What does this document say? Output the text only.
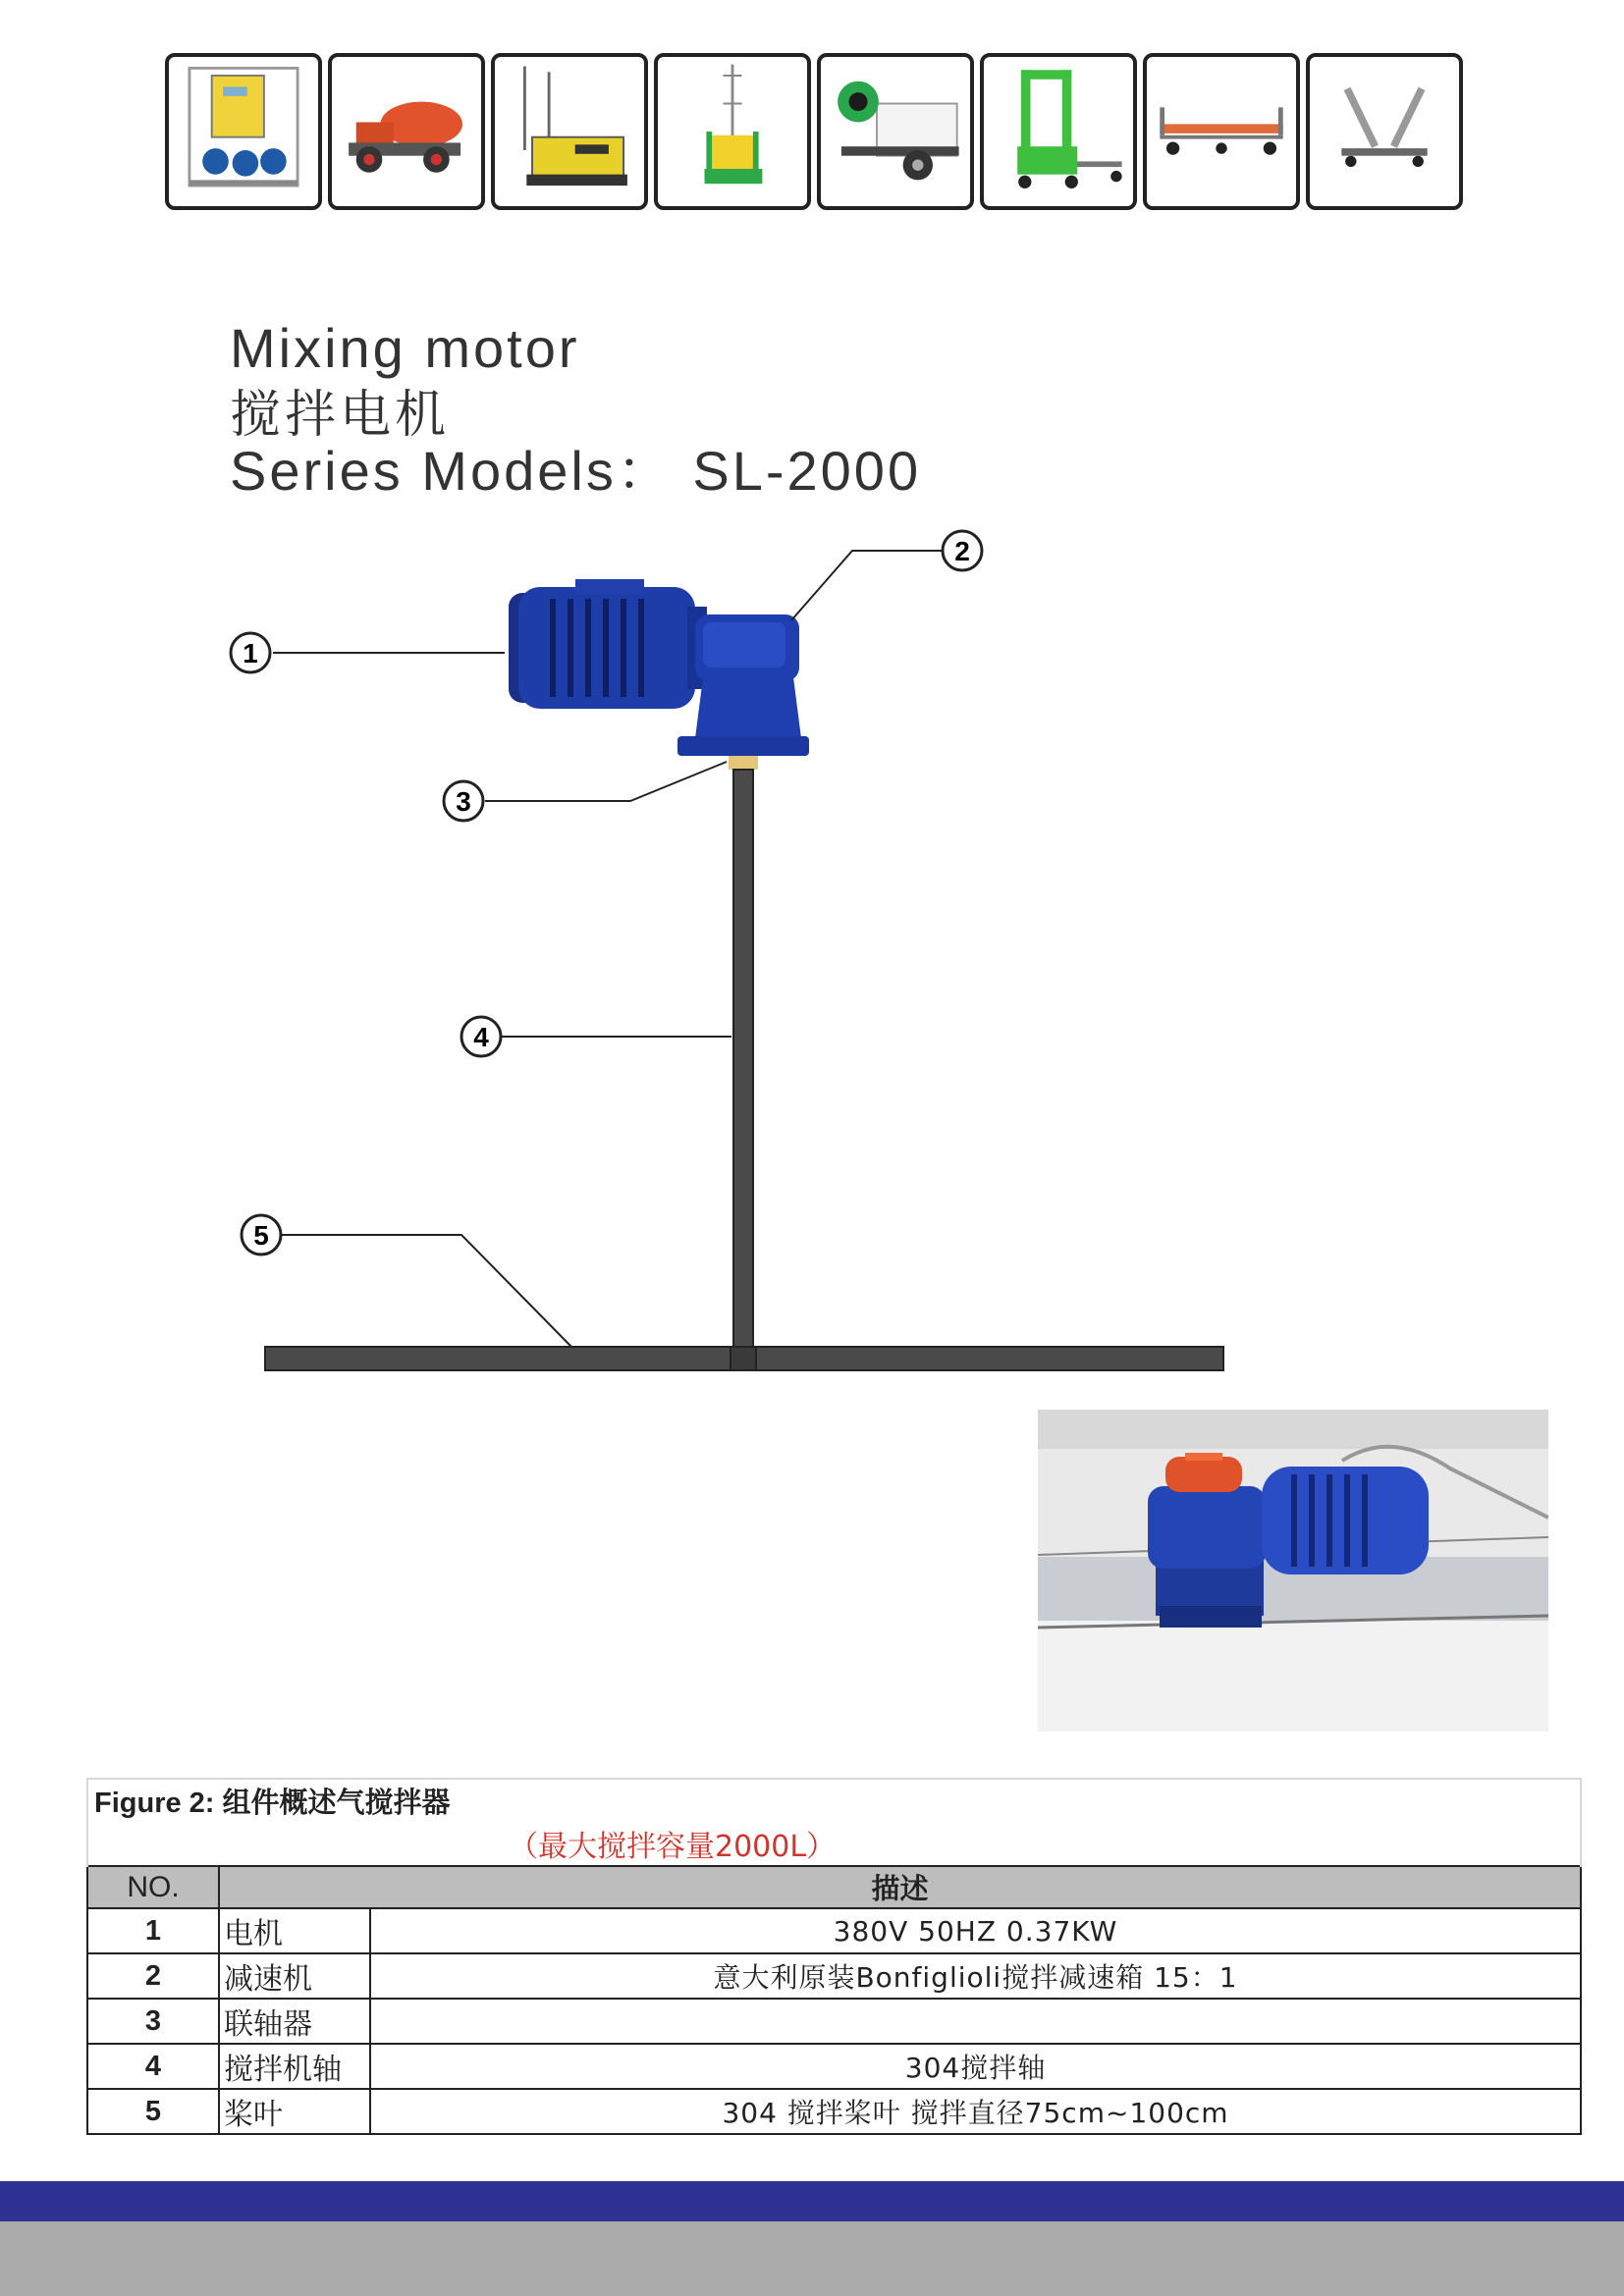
Mixing motor
搅拌电机
Series Models： SL-2000
1
2
3
4
5
Figure 2: 组件概述气搅拌器		
（最大搅拌容量2000L）		
NO.	描述	
1	电机	380V 50HZ 0.37KW
2	减速机	意大利原装Bonfiglioli搅拌减速箱 15：1
3	联轴器	
4	搅拌机轴	304搅拌轴
5	桨叶	304 搅拌桨叶 搅拌直径75cm~100cm
